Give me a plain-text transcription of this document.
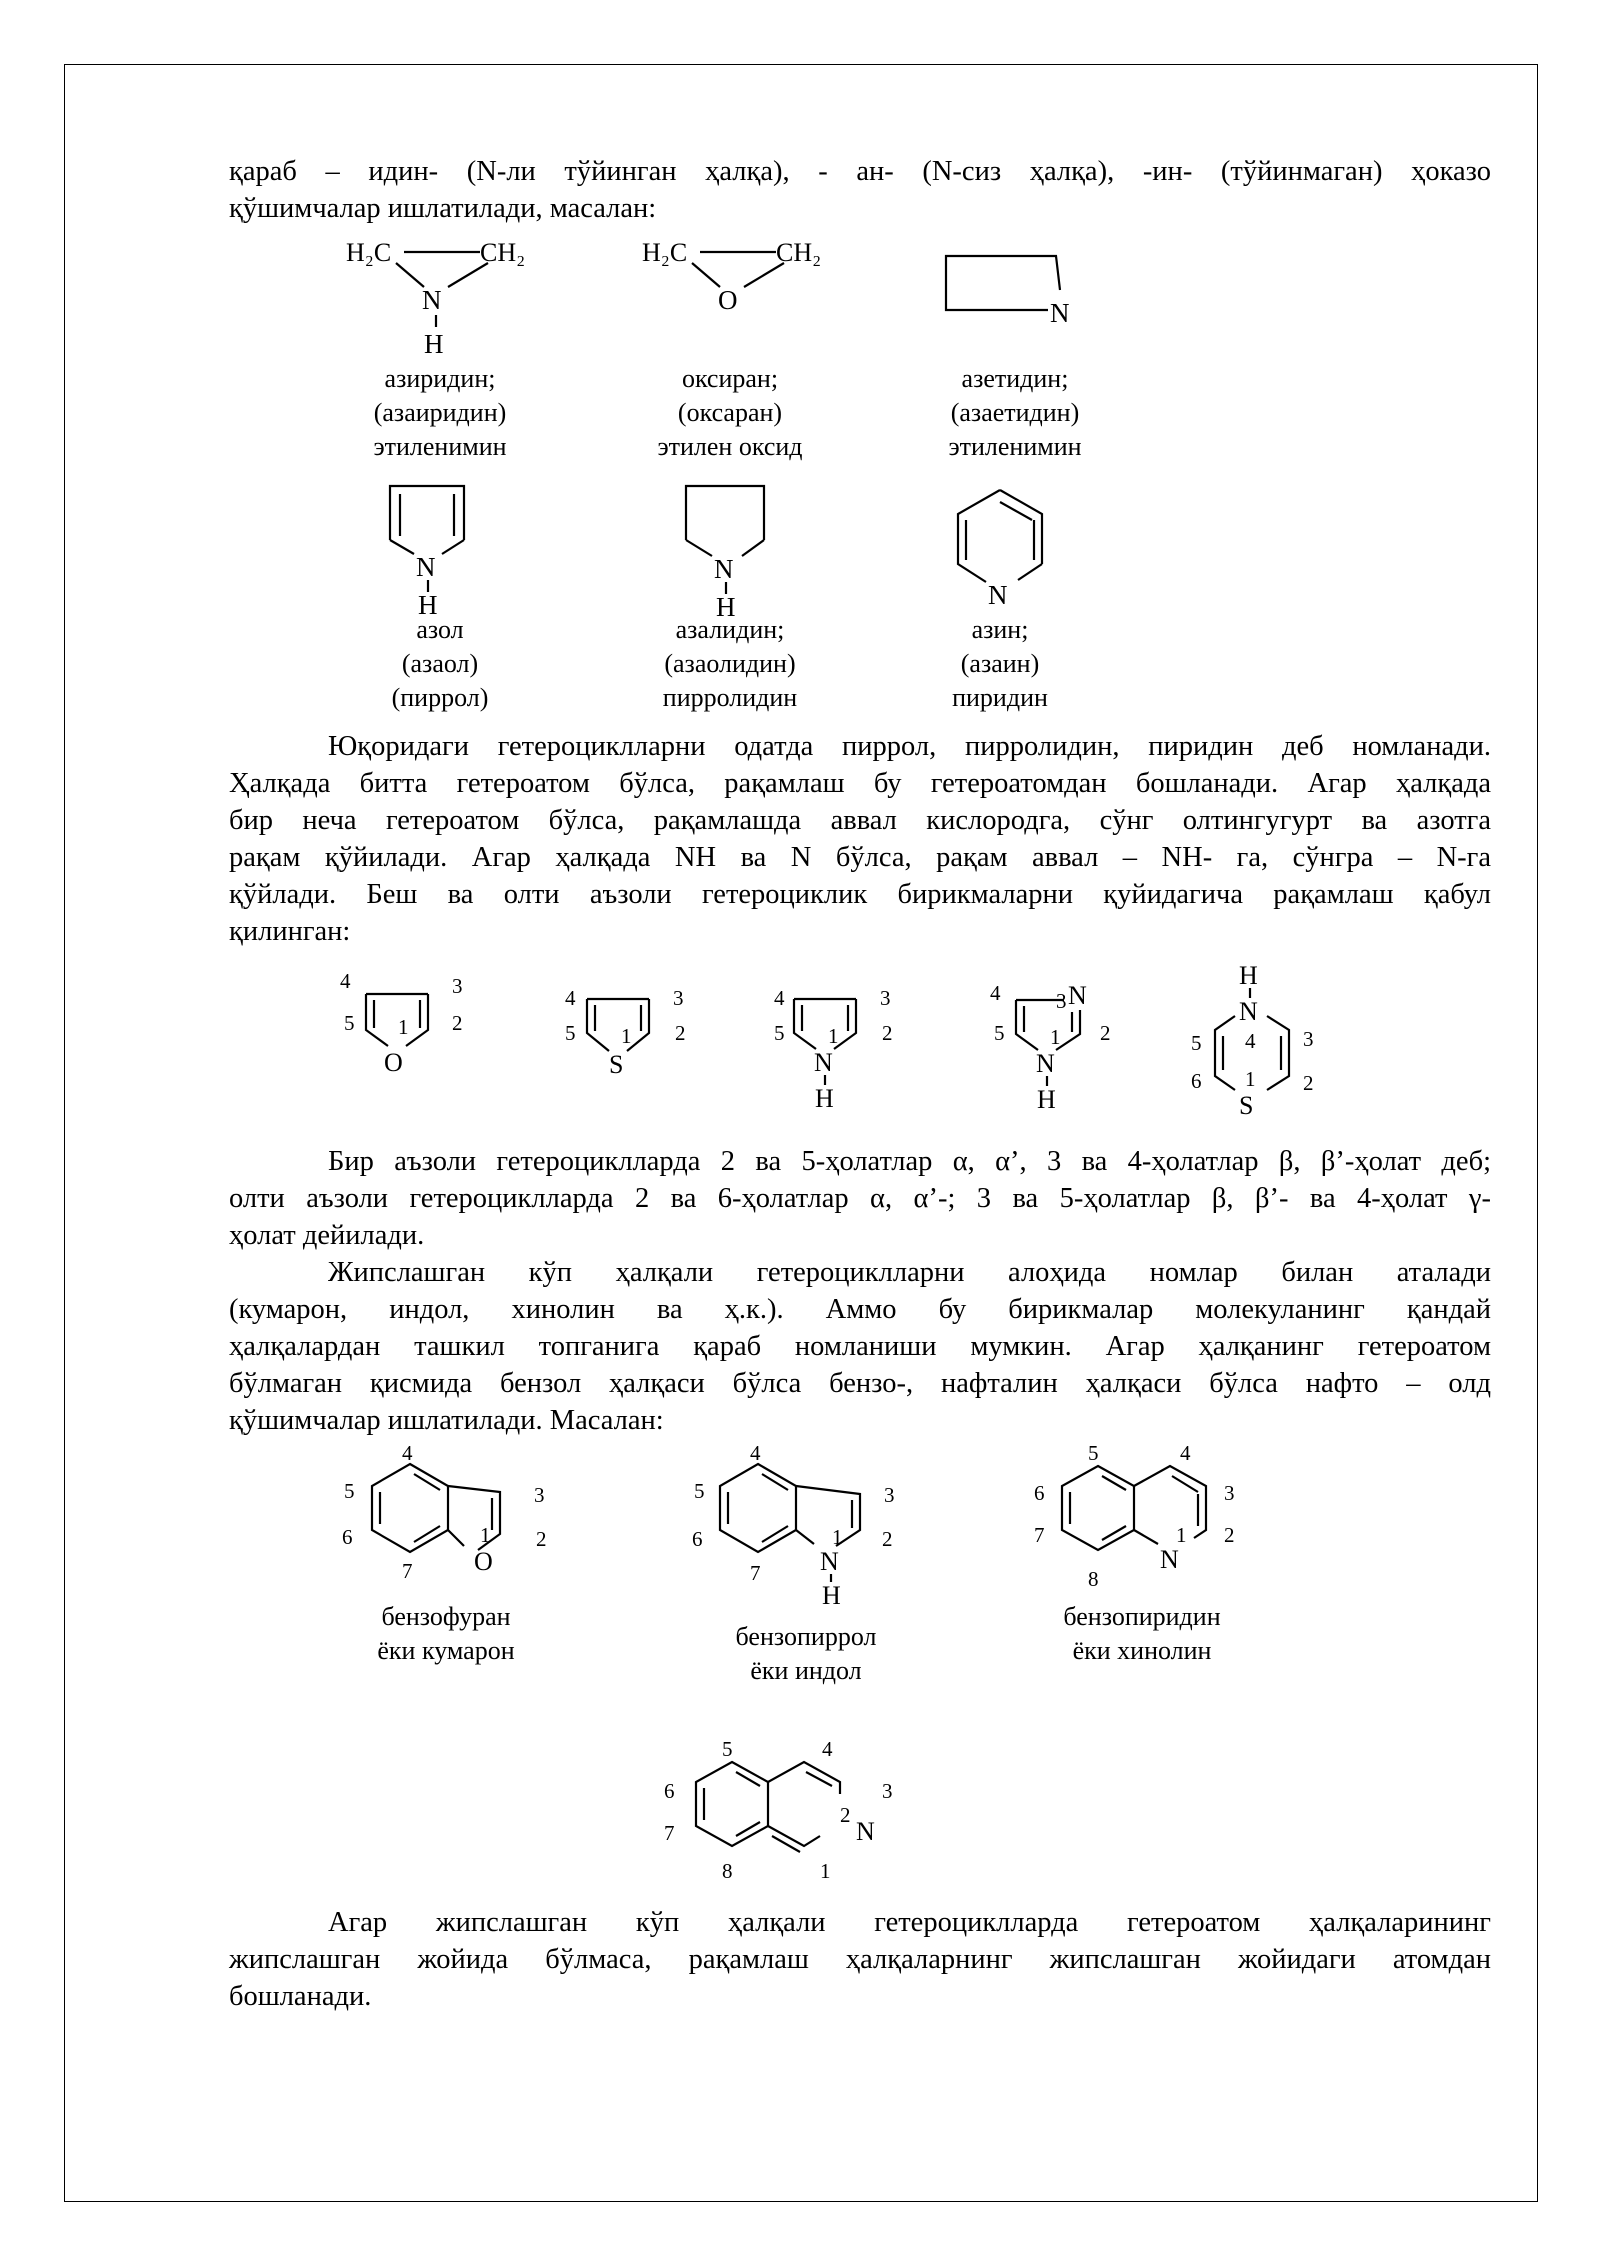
қараб – идин- (N-ли тўйинган ҳалқа), - ан- (N-сиз ҳалқа), -ин- (тўйинмаган) ҳоказо

қўшимчалар ишлатилади, масалан:

H₂C	CH₂
N
H
H₂C	CH₂
O	N
азиридин;
(азаиридин)
этиленимин
оксиран;
(оксаран)
этилен оксид
азетидин;
(азаетидин)
этиленимин
N
H
N
H	N
азол
(азаол)
(пиррол)
азалидин;
(азаолидин)
пирролидин
азин;
(азаин)
пиридин

Юқоридаги гетероциклларни одатда пиррол, пирролидин, пиридин деб номланади.

Ҳалқада битта гетероатом бўлса, рақамлаш бу гетероатомдан бошланади. Агар ҳалқада

бир неча гетероатом бўлса, рақамлашда аввал кислородга, сўнг олтингугурт ва азотга

рақам қўйилади. Агар ҳалқада NH ва N бўлса, рақам аввал – NH- га, сўнгра – N-га

қўйлади. Беш ва олти аъзоли гетероциклик бирикмаларни қуйидагича рақамлаш қабул

қилинган:

4	3
5	2
1
O
4	3
5	2
1
S
4	3
5	2
1
N
H
4	3 N
5	2
1
N
H
H
N
4
1
5
6
3
2
S

Бир аъзоли гетероциклларда 2 ва 5-ҳолатлар α, α’, 3 ва 4-ҳолатлар β, β’-ҳолат деб;

олти аъзоли гетероциклларда 2 ва 6-ҳолатлар α, α’-; 3 ва 5-ҳолатлар β, β’- ва 4-ҳолат γ-

ҳолат дейилади.

Жипслашган кўп ҳалқали гетероциклларни алоҳида номлар билан аталади

(кумарон, индол, хинолин ва ҳ.к.). Аммо бу бирикмалар молекуланинг қандай

ҳалқалардан ташкил топганига қараб номланиши мумкин. Агар ҳалқанинг гетероатом

бўлмаган қисмида бензол ҳалқаси бўлса бензо-, нафталин ҳалқаси бўлса нафто – олд

қўшимчалар ишлатилади. Масалан:

4
5
6
7
3
2
1
O
4
5
6
7
3
2
1
N
H
5	4
6	3
7	2
1
N
8
бензофуран
ёки кумарон	бензопиррол
ёки индол
бензопиридин
ёки хинолин
5	4
6	3
7
2
N
8	1

Агар жипслашган кўп ҳалқали гетероциклларда гетероатом ҳалқаларининг

жипслашган жойида бўлмаса, рақамлаш ҳалқаларнинг жипслашган жойидаги атомдан

бошланади.
